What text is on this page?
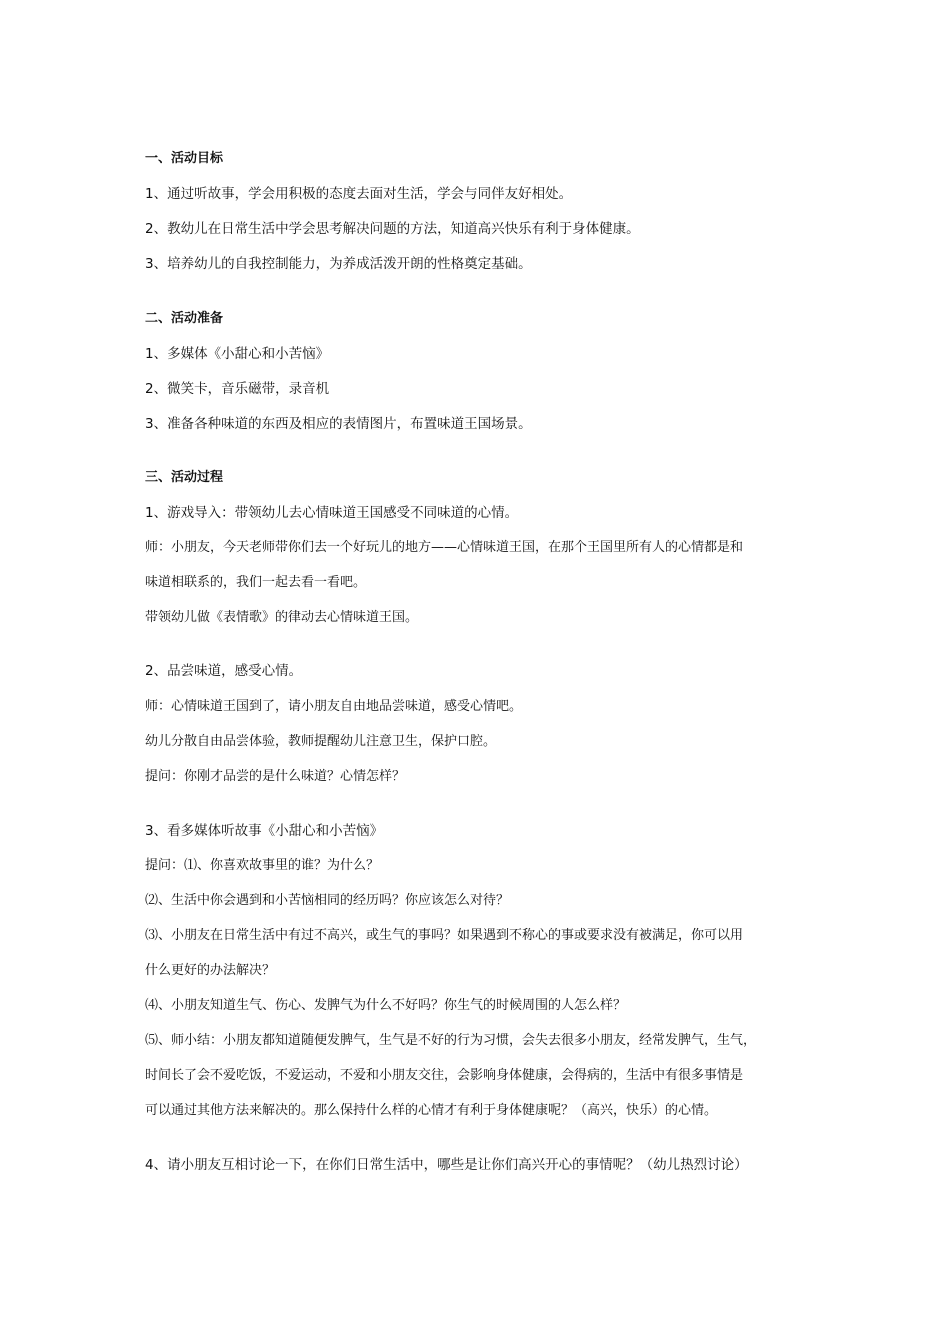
一、活动目标
1、通过听故事，学会用积极的态度去面对生活，学会与同伴友好相处。
2、教幼儿在日常生活中学会思考解决问题的方法，知道高兴快乐有利于身体健康。
3、培养幼儿的自我控制能力，为养成活泼开朗的性格奠定基础。
二、活动准备
1、多媒体《小甜心和小苦恼》
2、微笑卡，音乐磁带，录音机
3、准备各种味道的东西及相应的表情图片，布置味道王国场景。
三、活动过程
1、游戏导入：带领幼儿去心情味道王国感受不同味道的心情。
师：小朋友，今天老师带你们去一个好玩儿的地方——心情味道王国，在那个王国里所有人的心情都是和
味道相联系的，我们一起去看一看吧。
带领幼儿做《表情歌》的律动去心情味道王国。
2、品尝味道，感受心情。
师：心情味道王国到了，请小朋友自由地品尝味道，感受心情吧。
幼儿分散自由品尝体验，教师提醒幼儿注意卫生，保护口腔。
提问：你刚才品尝的是什么味道？心情怎样？
3、看多媒体听故事《小甜心和小苦恼》
提问：⑴、你喜欢故事里的谁？为什么？
⑵、生活中你会遇到和小苦恼相同的经历吗？你应该怎么对待？
⑶、小朋友在日常生活中有过不高兴，或生气的事吗？如果遇到不称心的事或要求没有被满足，你可以用
什么更好的办法解决？
⑷、小朋友知道生气、伤心、发脾气为什么不好吗？你生气的时候周围的人怎么样？
⑸、师小结：小朋友都知道随便发脾气，生气是不好的行为习惯，会失去很多小朋友，经常发脾气，生气，
时间长了会不爱吃饭，不爱运动，不爱和小朋友交往，会影响身体健康，会得病的，生活中有很多事情是
可以通过其他方法来解决的。那么保持什么样的心情才有利于身体健康呢？（高兴，快乐）的心情。
4、请小朋友互相讨论一下，在你们日常生活中，哪些是让你们高兴开心的事情呢？（幼儿热烈讨论）
